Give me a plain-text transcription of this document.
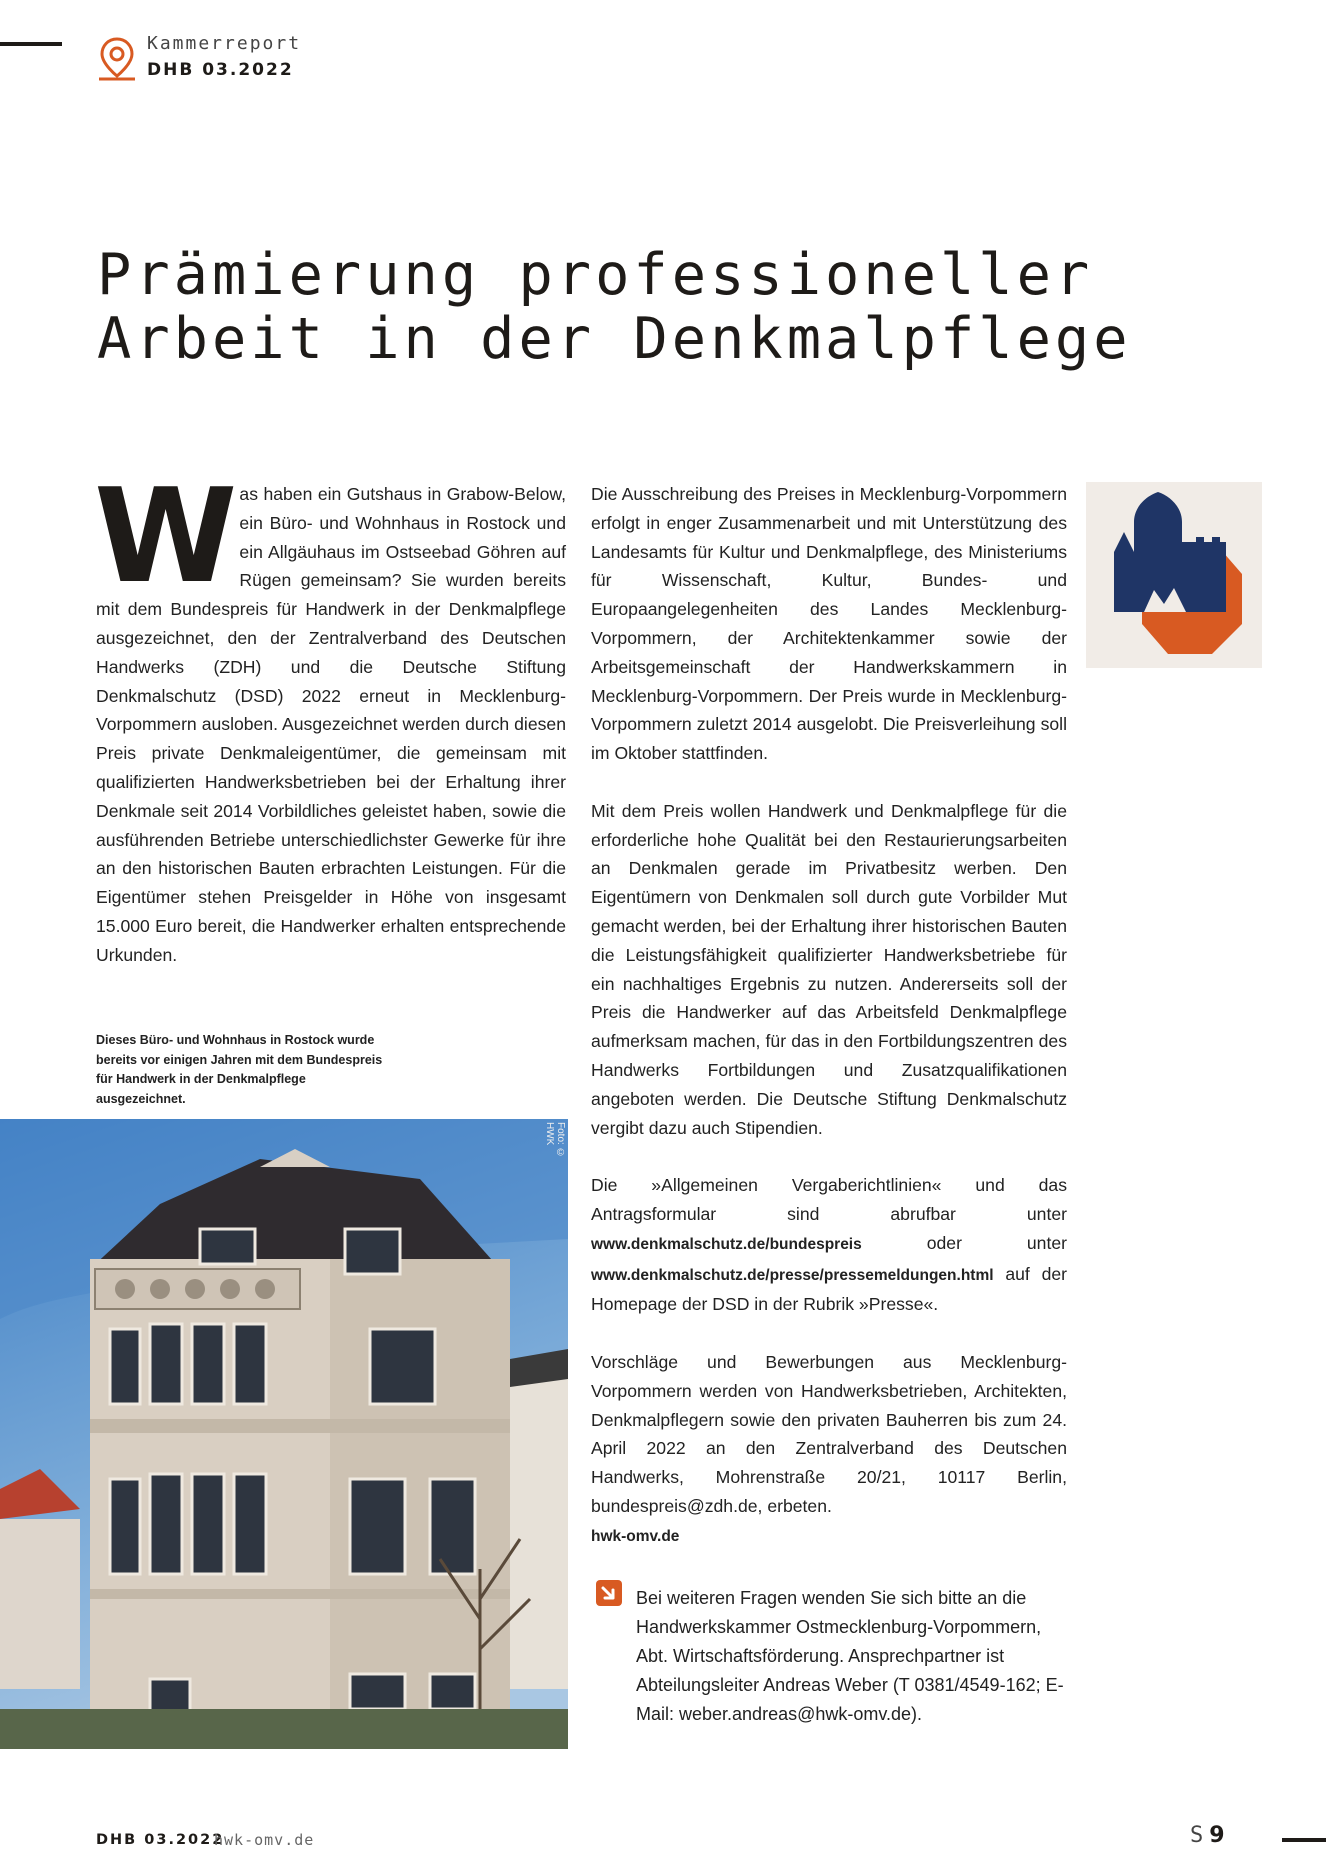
Kammerreport
DHB 03.2022
Prämierung professioneller
Arbeit in der Denkmalpflege
W as haben ein Gutshaus in Grabow-Below, ein Büro- und Wohnhaus in Rostock und ein Allgäuhaus im Ostseebad Göhren auf Rügen gemeinsam? Sie wurden bereits mit dem Bundespreis für Handwerk in der Denkmalpflege ausgezeichnet, den der Zentralverband des Deutschen Handwerks (ZDH) und die Deutsche Stiftung Denkmalschutz (DSD) 2022 erneut in Mecklenburg-Vorpommern ausloben. Ausgezeichnet werden durch diesen Preis private Denkmaleigentümer, die gemeinsam mit qualifizierten Handwerksbetrieben bei der Erhaltung ihrer Denkmale seit 2014 Vorbildliches geleistet haben, sowie die ausführenden Betriebe unterschiedlichster Gewerke für ihre an den historischen Bauten erbrachten Leistungen. Für die Eigentümer stehen Preisgelder in Höhe von insgesamt 15.000 Euro bereit, die Handwerker erhalten entsprechende Urkunden.

Die Ausschreibung des Preises in Mecklenburg-Vorpommern erfolgt in enger Zusammenarbeit und mit Unterstützung des Landesamts für Kultur und Denkmalpflege, des Ministeriums für Wissenschaft, Kultur, Bundes- und Europaangelegenheiten des Landes Mecklenburg-Vorpommern, der Architektenkammer sowie der Arbeitsgemeinschaft der Handwerkskammern in Mecklenburg-Vorpommern. Der Preis wurde in Mecklenburg-Vorpommern zuletzt 2014 ausgelobt. Die Preisverleihung soll im Oktober stattfinden.

Mit dem Preis wollen Handwerk und Denkmalpflege für die erforderliche hohe Qualität bei den Restaurierungsarbeiten an Denkmalen gerade im Privatbesitz werben. Den Eigentümern von Denkmalen soll durch gute Vorbilder Mut gemacht werden, bei der Erhaltung ihrer historischen Bauten die Leistungsfähigkeit qualifizierter Handwerksbetriebe für ein nachhaltiges Ergebnis zu nutzen. Andererseits soll der Preis die Handwerker auf das Arbeitsfeld Denkmalpflege aufmerksam machen, für das in den Fortbildungszentren des Handwerks Fortbildungen und Zusatzqualifikationen angeboten werden. Die Deutsche Stiftung Denkmalschutz vergibt dazu auch Stipendien.

Die »Allgemeinen Vergaberichtlinien« und das Antragsformular sind abrufbar unter www.denkmalschutz.de/bundespreis	oder unter www.denkmalschutz.de/presse/pressemeldungen.html auf der Homepage der DSD in der Rubrik »Presse«.

Vorschläge und Bewerbungen aus Mecklenburg-Vorpommern werden von Handwerksbetrieben, Architekten, Denkmalpflegern sowie den privaten Bauherren bis zum 24. April 2022 an den Zentralverband des Deutschen Handwerks, Mohrenstraße 20/21, 10117 Berlin, bundespreis@zdh.de, erbeten.

hwk-omv.de

Dieses Büro- und Wohnhaus in Rostock wurde bereits vor einigen Jahren mit dem Bundespreis für Handwerk in der Denkmalpflege ausgezeichnet.
Foto: © HWK
Bei weiteren Fragen wenden Sie sich bitte an die Handwerkskammer Ostmecklenburg-Vorpommern, Abt. Wirtschaftsförderung. Ansprechpartner ist Abteilungsleiter Andreas Weber (T 0381/4549-162; E-Mail: weber.andreas@hwk-omv.de).
DHB 03.2022
hwk-omv.de	S 9
